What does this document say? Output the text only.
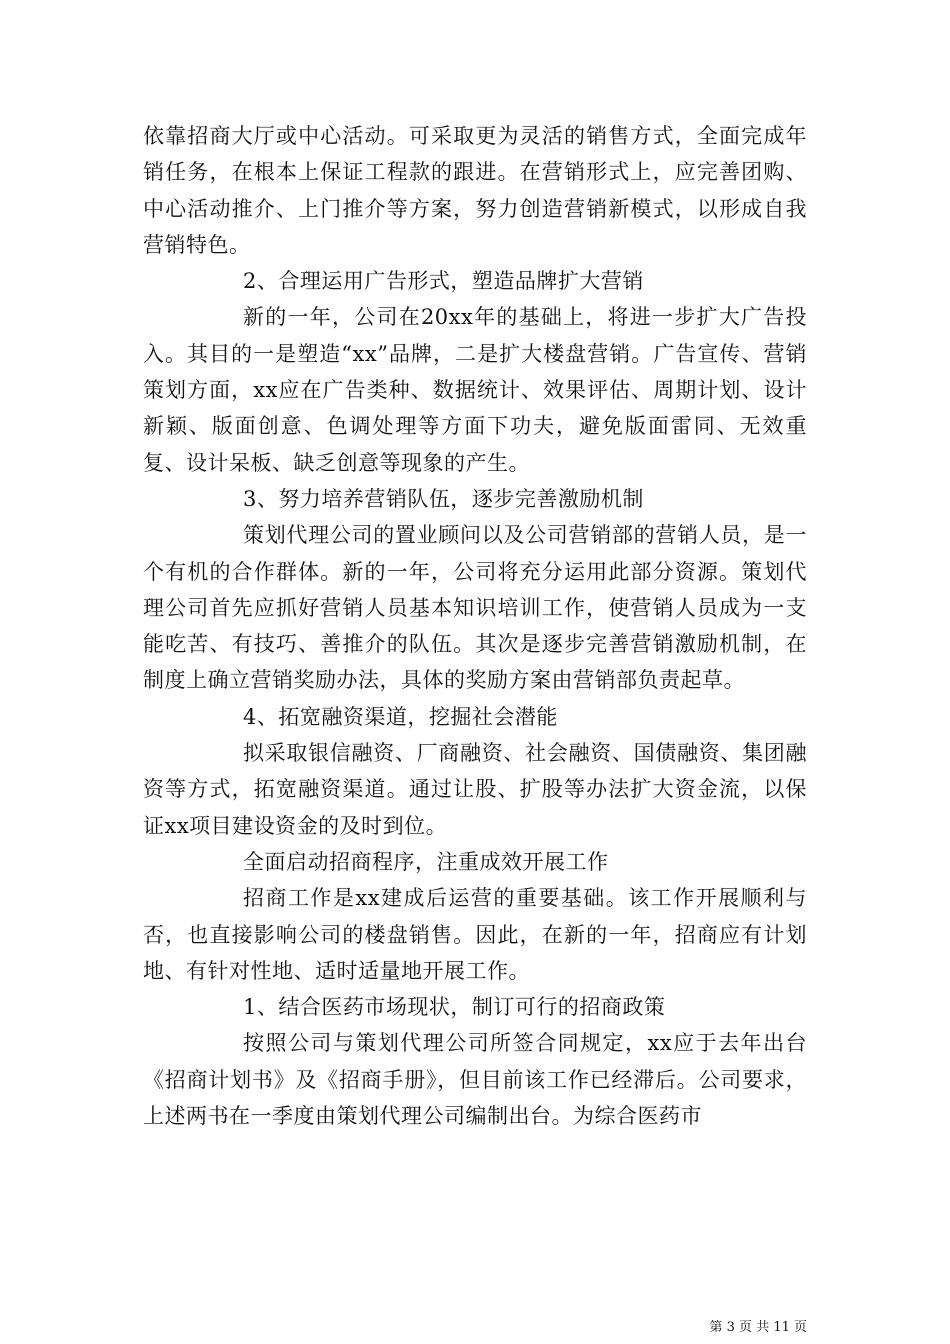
依靠招商大厅或中心活动。可采取更为灵活的销售方式，全面完成年销任务，在根本上保证工程款的跟进。在营销形式上，应完善团购、中心活动推介、上门推介等方案，努力创造营销新模式，以形成自我营销特色。

2、合理运用广告形式，塑造品牌扩大营销

新的一年，公司在20xx年的基础上，将进一步扩大广告投入。其目的一是塑造“xx”品牌，二是扩大楼盘营销。广告宣传、营销策划方面，xx应在广告类种、数据统计、效果评估、周期计划、设计新颖、版面创意、色调处理等方面下功夫，避免版面雷同、无效重复、设计呆板、缺乏创意等现象的产生。

3、努力培养营销队伍，逐步完善激励机制

策划代理公司的置业顾问以及公司营销部的营销人员，是一个有机的合作群体。新的一年，公司将充分运用此部分资源。策划代理公司首先应抓好营销人员基本知识培训工作，使营销人员成为一支能吃苦、有技巧、善推介的队伍。其次是逐步完善营销激励机制，在制度上确立营销奖励办法，具体的奖励方案由营销部负责起草。

4、拓宽融资渠道，挖掘社会潜能

拟采取银信融资、厂商融资、社会融资、国债融资、集团融资等方式，拓宽融资渠道。通过让股、扩股等办法扩大资金流，以保证xx项目建设资金的及时到位。

全面启动招商程序，注重成效开展工作

招商工作是xx建成后运营的重要基础。该工作开展顺利与否，也直接影响公司的楼盘销售。因此，在新的一年，招商应有计划地、有针对性地、适时适量地开展工作。

1、结合医药市场现状，制订可行的招商政策

按照公司与策划代理公司所签合同规定，xx应于去年出台《招商计划书》及《招商手册》，但目前该工作已经滞后。公司要求，上述两书在一季度由策划代理公司编制出台。为综合医药市

第 3 页 共 11 页
